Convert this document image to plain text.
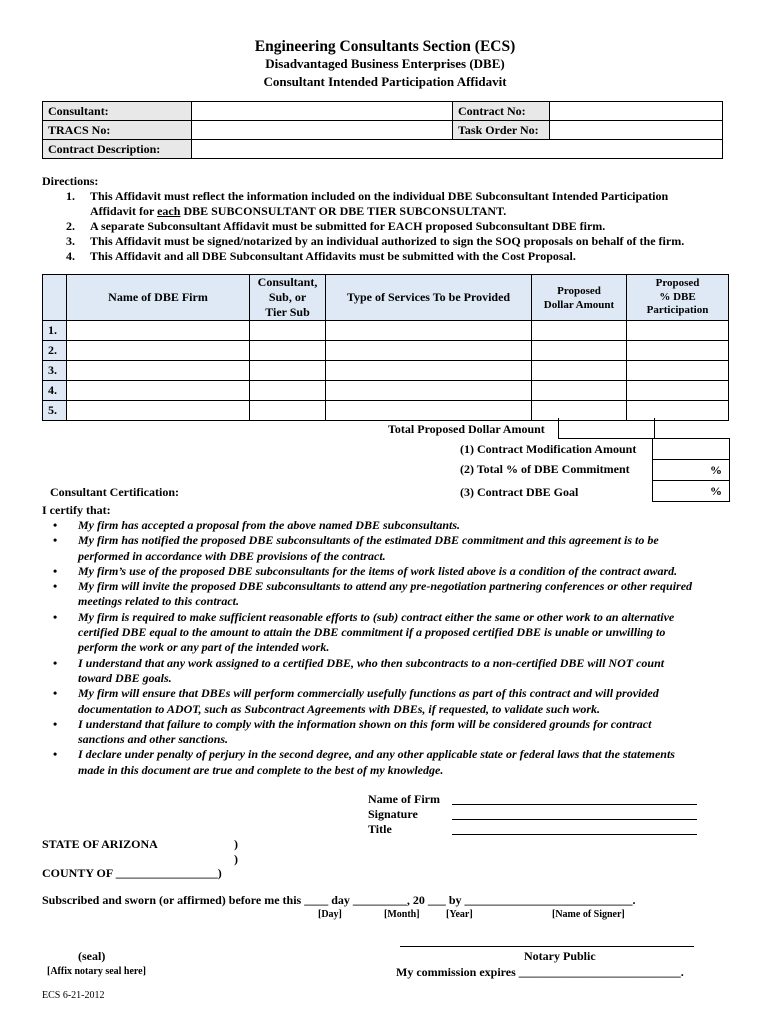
Engineering Consultants Section (ECS)
Disadvantaged Business Enterprises (DBE)
Consultant Intended Participation Affidavit
Consultant:		Contract No:	
TRACS No:		Task Order No:	
Contract Description:			
Directions:
1. This Affidavit must reflect the information included on the individual DBE Subconsultant Intended Participation
Affidavit for each DBE SUBCONSULTANT OR DBE TIER SUBCONSULTANT.
2. A separate Subconsultant Affidavit must be submitted for EACH proposed Subconsultant DBE firm.
3. This Affidavit must be signed/notarized by an individual authorized to sign the SOQ proposals on behalf of the firm.
4. This Affidavit and all DBE Subconsultant Affidavits must be submitted with the Cost Proposal.
	Name of DBE Firm	Consultant,
Sub, or
Tier Sub	Type of Services To be Provided	Proposed
Dollar Amount	Proposed
% DBE
Participation
1.					
2.					
3.					
4.					
5.					
Total Proposed Dollar Amount
(1) Contract Modification Amount
(2) Total % of DBE Commitment	%
Consultant Certification:	(3) Contract DBE Goal	%
I certify that:
•	My firm has accepted a proposal from the above named DBE subconsultants.
•	My firm has notified the proposed DBE subconsultants of the estimated DBE commitment and this agreement is to be
performed in accordance with DBE provisions of the contract.
•	My firm’s use of the proposed DBE subconsultants for the items of work listed above is a condition of the contract award.
•	My firm will invite the proposed DBE subconsultants to attend any pre-negotiation partnering conferences or other required
meetings related to this contract.
•	My firm is required to make sufficient reasonable efforts to (sub) contract either the same or other work to an alternative
certified DBE equal to the amount to attain the DBE commitment if a proposed certified DBE is unable or unwilling to
perform the work or any part of the intended work.
•	I understand that any work assigned to a certified DBE, who then subcontracts to a non-certified DBE will NOT count
toward DBE goals.
•	My firm will ensure that DBEs will perform commercially usefully functions as part of this contract and will provided
documentation to ADOT, such as Subcontract Agreements with DBEs, if requested, to validate such work.
•	I understand that failure to comply with the information shown on this form will be considered grounds for contract
sanctions and other sanctions.
•	I declare under penalty of perjury in the second degree, and any other applicable state or federal laws that the statements
made in this document are true and complete to the best of my knowledge.
Name of Firm
Signature
Title
STATE OF ARIZONA	)
)
COUNTY OF _________________)
Subscribed and sworn (or affirmed) before me this ____ day _________, 20 ___ by ____________________________.
[Day]	[Month]	[Year]	[Name of Signer]
(seal)	Notary Public
[Affix notary seal here]	My commission expires ___________________________.
ECS 6-21-2012
